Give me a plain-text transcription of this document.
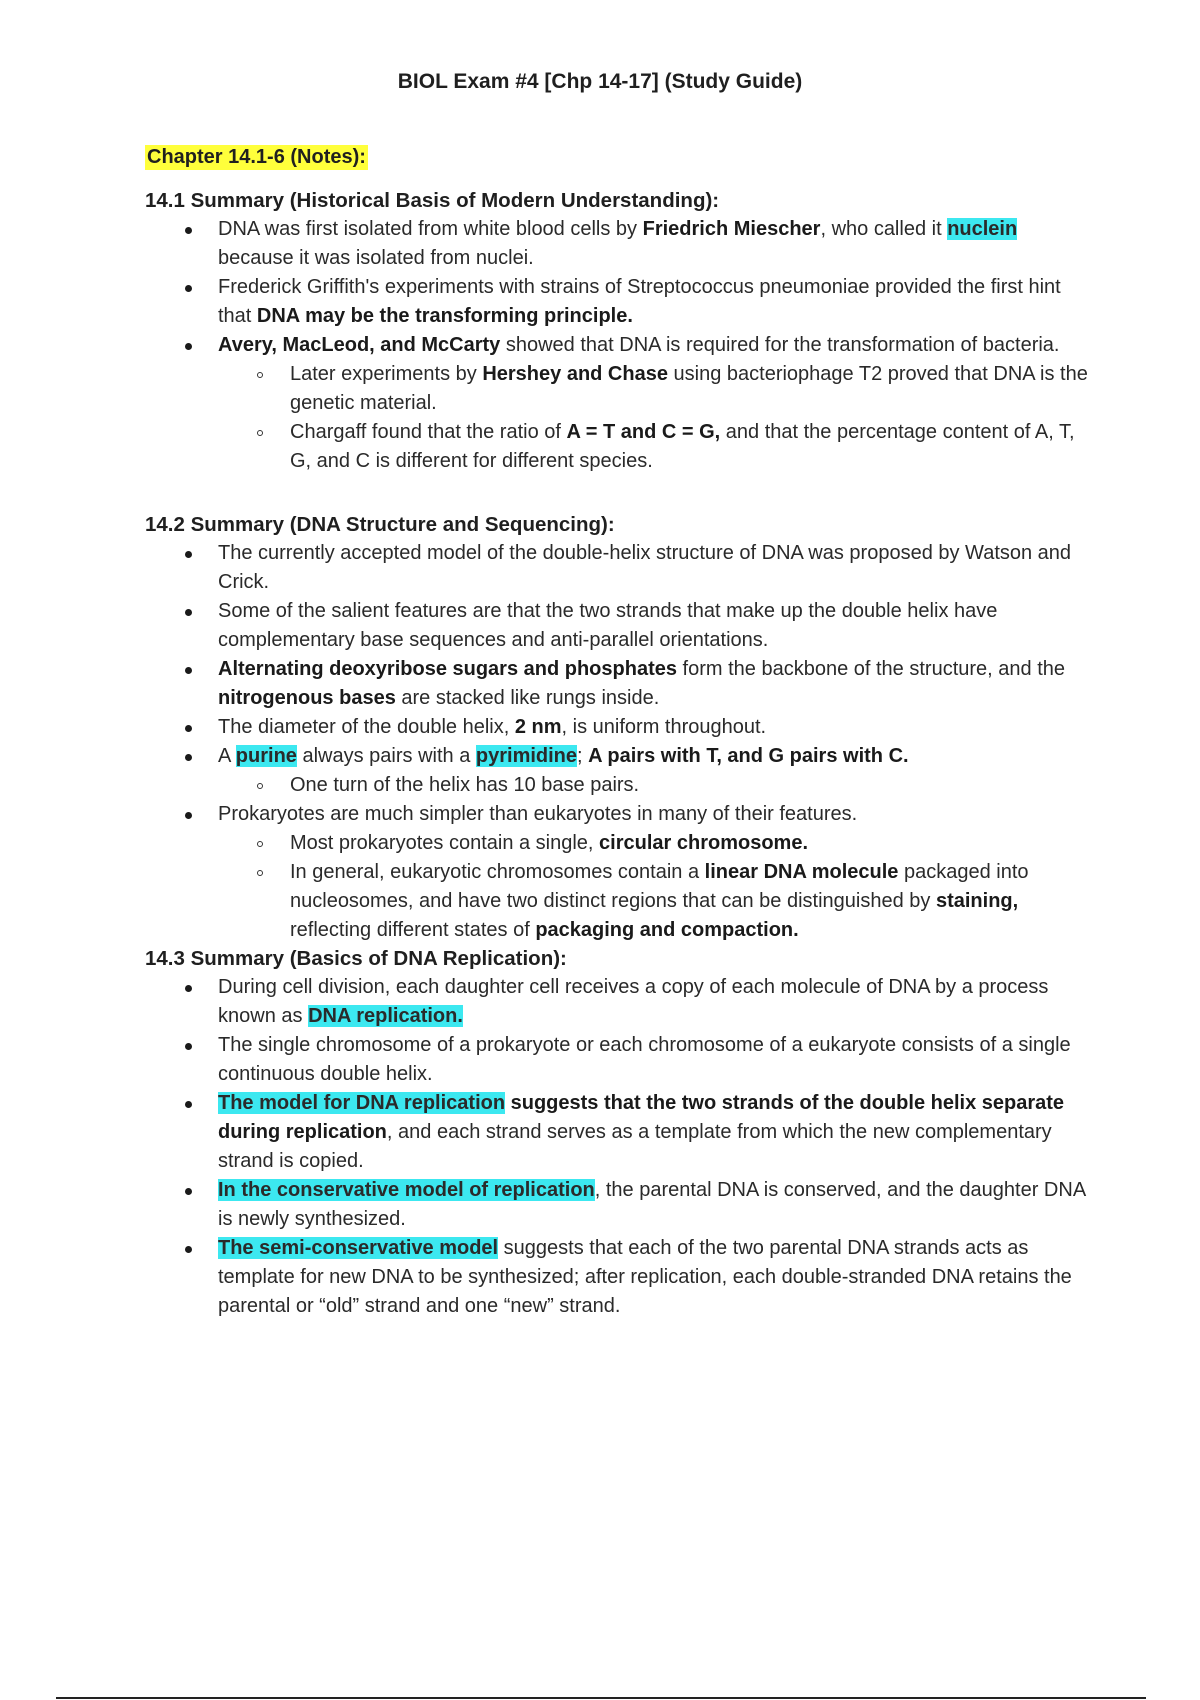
BIOL Exam #4 [Chp 14-17] (Study Guide)
Chapter 14.1-6 (Notes):
14.1 Summary (Historical Basis of Modern Understanding):
DNA was first isolated from white blood cells by Friedrich Miescher, who called it nuclein because it was isolated from nuclei.
Frederick Griffith's experiments with strains of Streptococcus pneumoniae provided the first hint that DNA may be the transforming principle.
Avery, MacLeod, and McCarty showed that DNA is required for the transformation of bacteria.
Later experiments by Hershey and Chase using bacteriophage T2 proved that DNA is the genetic material.
Chargaff found that the ratio of A = T and C = G, and that the percentage content of A, T, G, and C is different for different species.
14.2 Summary (DNA Structure and Sequencing):
The currently accepted model of the double-helix structure of DNA was proposed by Watson and Crick.
Some of the salient features are that the two strands that make up the double helix have complementary base sequences and anti-parallel orientations.
Alternating deoxyribose sugars and phosphates form the backbone of the structure, and the nitrogenous bases are stacked like rungs inside.
The diameter of the double helix, 2 nm, is uniform throughout.
A purine always pairs with a pyrimidine; A pairs with T, and G pairs with C.
One turn of the helix has 10 base pairs.
Prokaryotes are much simpler than eukaryotes in many of their features.
Most prokaryotes contain a single, circular chromosome.
In general, eukaryotic chromosomes contain a linear DNA molecule packaged into nucleosomes, and have two distinct regions that can be distinguished by staining, reflecting different states of packaging and compaction.
14.3 Summary (Basics of DNA Replication):
During cell division, each daughter cell receives a copy of each molecule of DNA by a process known as DNA replication.
The single chromosome of a prokaryote or each chromosome of a eukaryote consists of a single continuous double helix.
The model for DNA replication suggests that the two strands of the double helix separate during replication, and each strand serves as a template from which the new complementary strand is copied.
In the conservative model of replication, the parental DNA is conserved, and the daughter DNA is newly synthesized.
The semi-conservative model suggests that each of the two parental DNA strands acts as template for new DNA to be synthesized; after replication, each double-stranded DNA retains the parental or “old” strand and one “new” strand.
